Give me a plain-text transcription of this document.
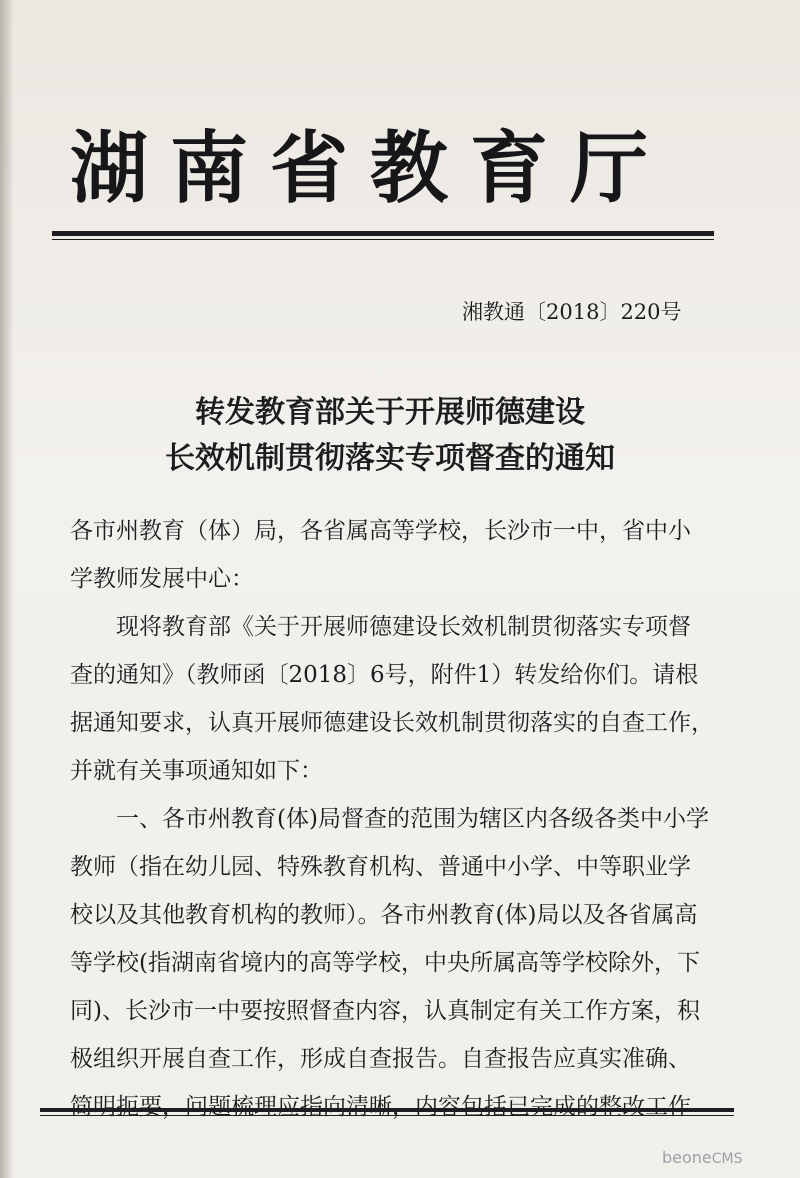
湖南省教育厅
湘教通〔2018〕220号
转发教育部关于开展师德建设
长效机制贯彻落实专项督查的通知
各市州教育（体）局，各省属高等学校，长沙市一中，省中小
学教师发展中心：
　　现将教育部《关于开展师德建设长效机制贯彻落实专项督
查的通知》（教师函〔2018〕6号，附件1）转发给你们。请根
据通知要求，认真开展师德建设长效机制贯彻落实的自查工作，
并就有关事项通知如下：
　　一、各市州教育(体)局督查的范围为辖区内各级各类中小学
教师（指在幼儿园、特殊教育机构、普通中小学、中等职业学
校以及其他教育机构的教师）。各市州教育(体)局以及各省属高
等学校(指湖南省境内的高等学校，中央所属高等学校除外，下
同)、长沙市一中要按照督查内容，认真制定有关工作方案，积
极组织开展自查工作，形成自查报告。自查报告应真实准确、
简明扼要，问题梳理应指向清晰，内容包括已完成的整改工作
beoneCMS
